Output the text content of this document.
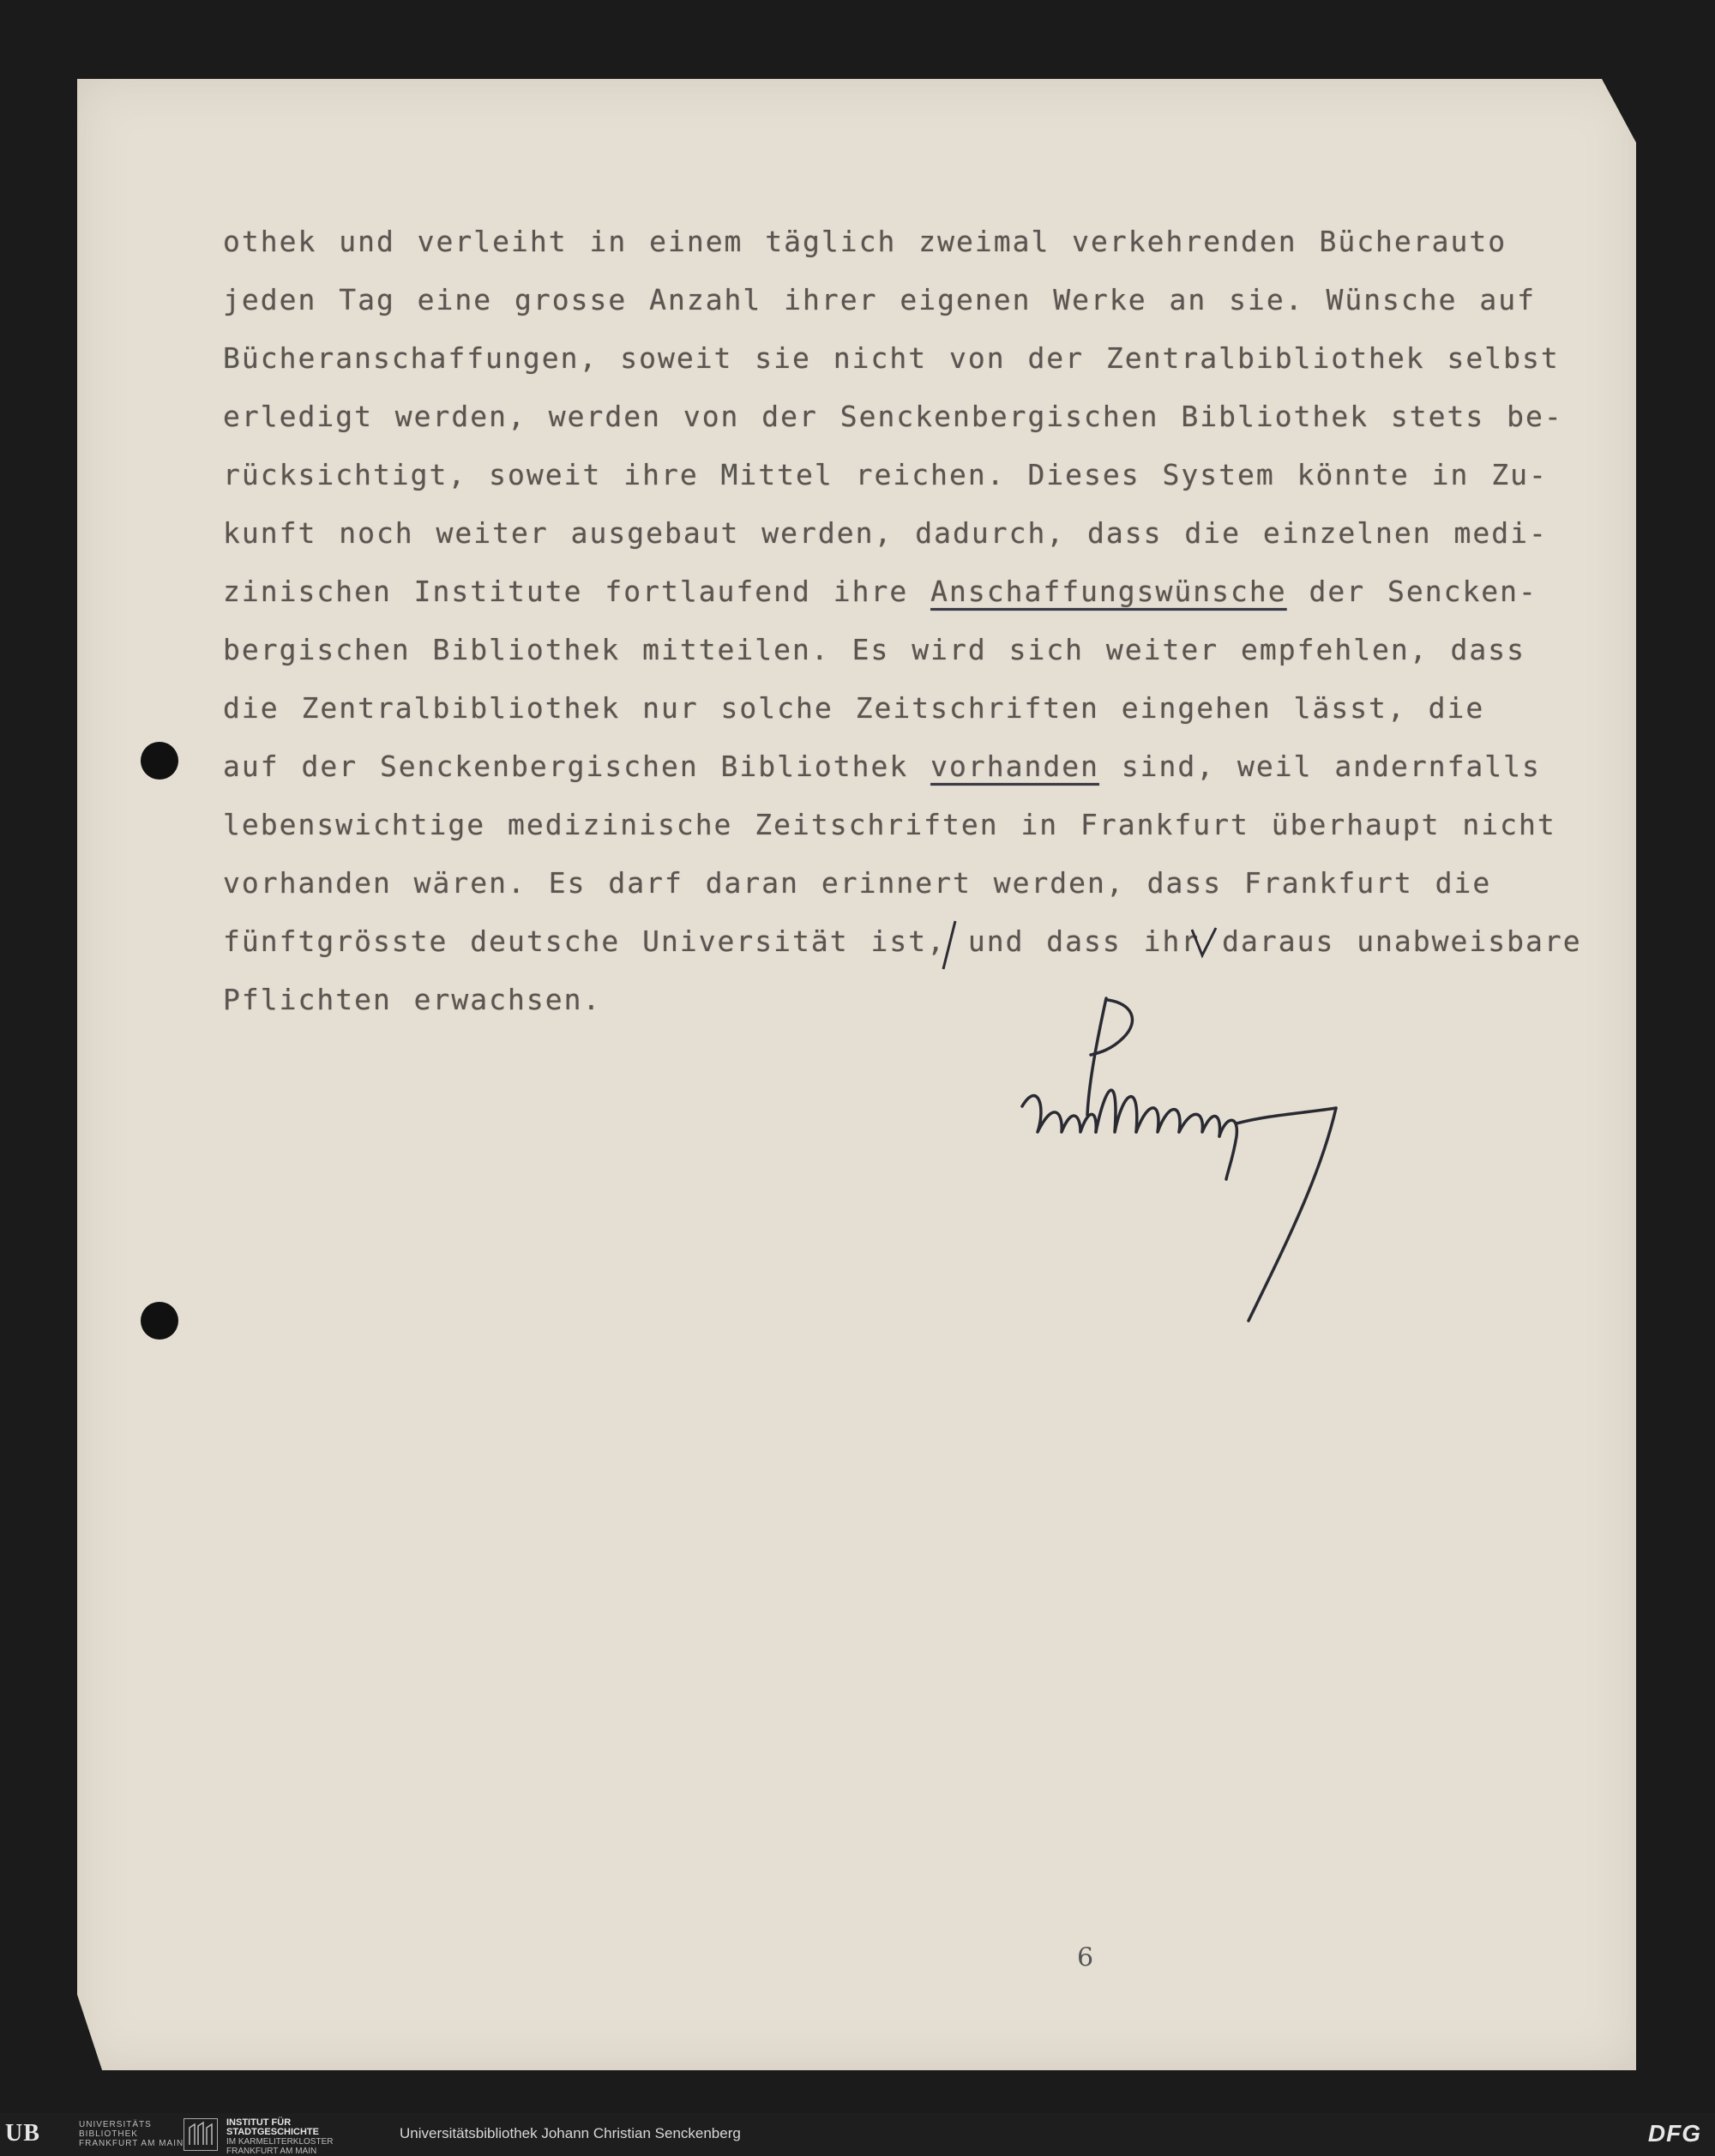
othek und verleiht in einem täglich zweimal verkehrenden Bücherauto
jeden Tag eine grosse Anzahl ihrer eigenen Werke an sie. Wünsche auf
Bücheranschaffungen, soweit sie nicht von der Zentralbibliothek selbst
erledigt werden, werden von der Senckenbergischen Bibliothek stets be-
rücksichtigt, soweit ihre Mittel reichen. Dieses System könnte in Zu-
kunft noch weiter ausgebaut werden, dadurch, dass die einzelnen medi-
zinischen Institute fortlaufend ihre Anschaffungswünsche der Sencken-
bergischen Bibliothek mitteilen. Es wird sich weiter empfehlen, dass
die Zentralbibliothek nur solche Zeitschriften eingehen lässt, die
auf der Senckenbergischen Bibliothek vorhanden sind, weil andernfalls
lebenswichtige medizinische Zeitschriften in Frankfurt überhaupt nicht
vorhanden wären. Es darf daran erinnert werden, dass Frankfurt die
fünftgrösste deutsche Universität ist, und dass ihr daraus unabweisbare
Pflichten erwachsen.
9
UB	UNIVERSITÄTS
BIBLIOTHEK
FRANKFURT AM MAIN
INSTITUT FÜR
STADTGESCHICHTE
IM KARMELITERKLOSTER
FRANKFURT AM MAIN
Universitätsbibliothek Johann Christian Senckenberg	DFG
